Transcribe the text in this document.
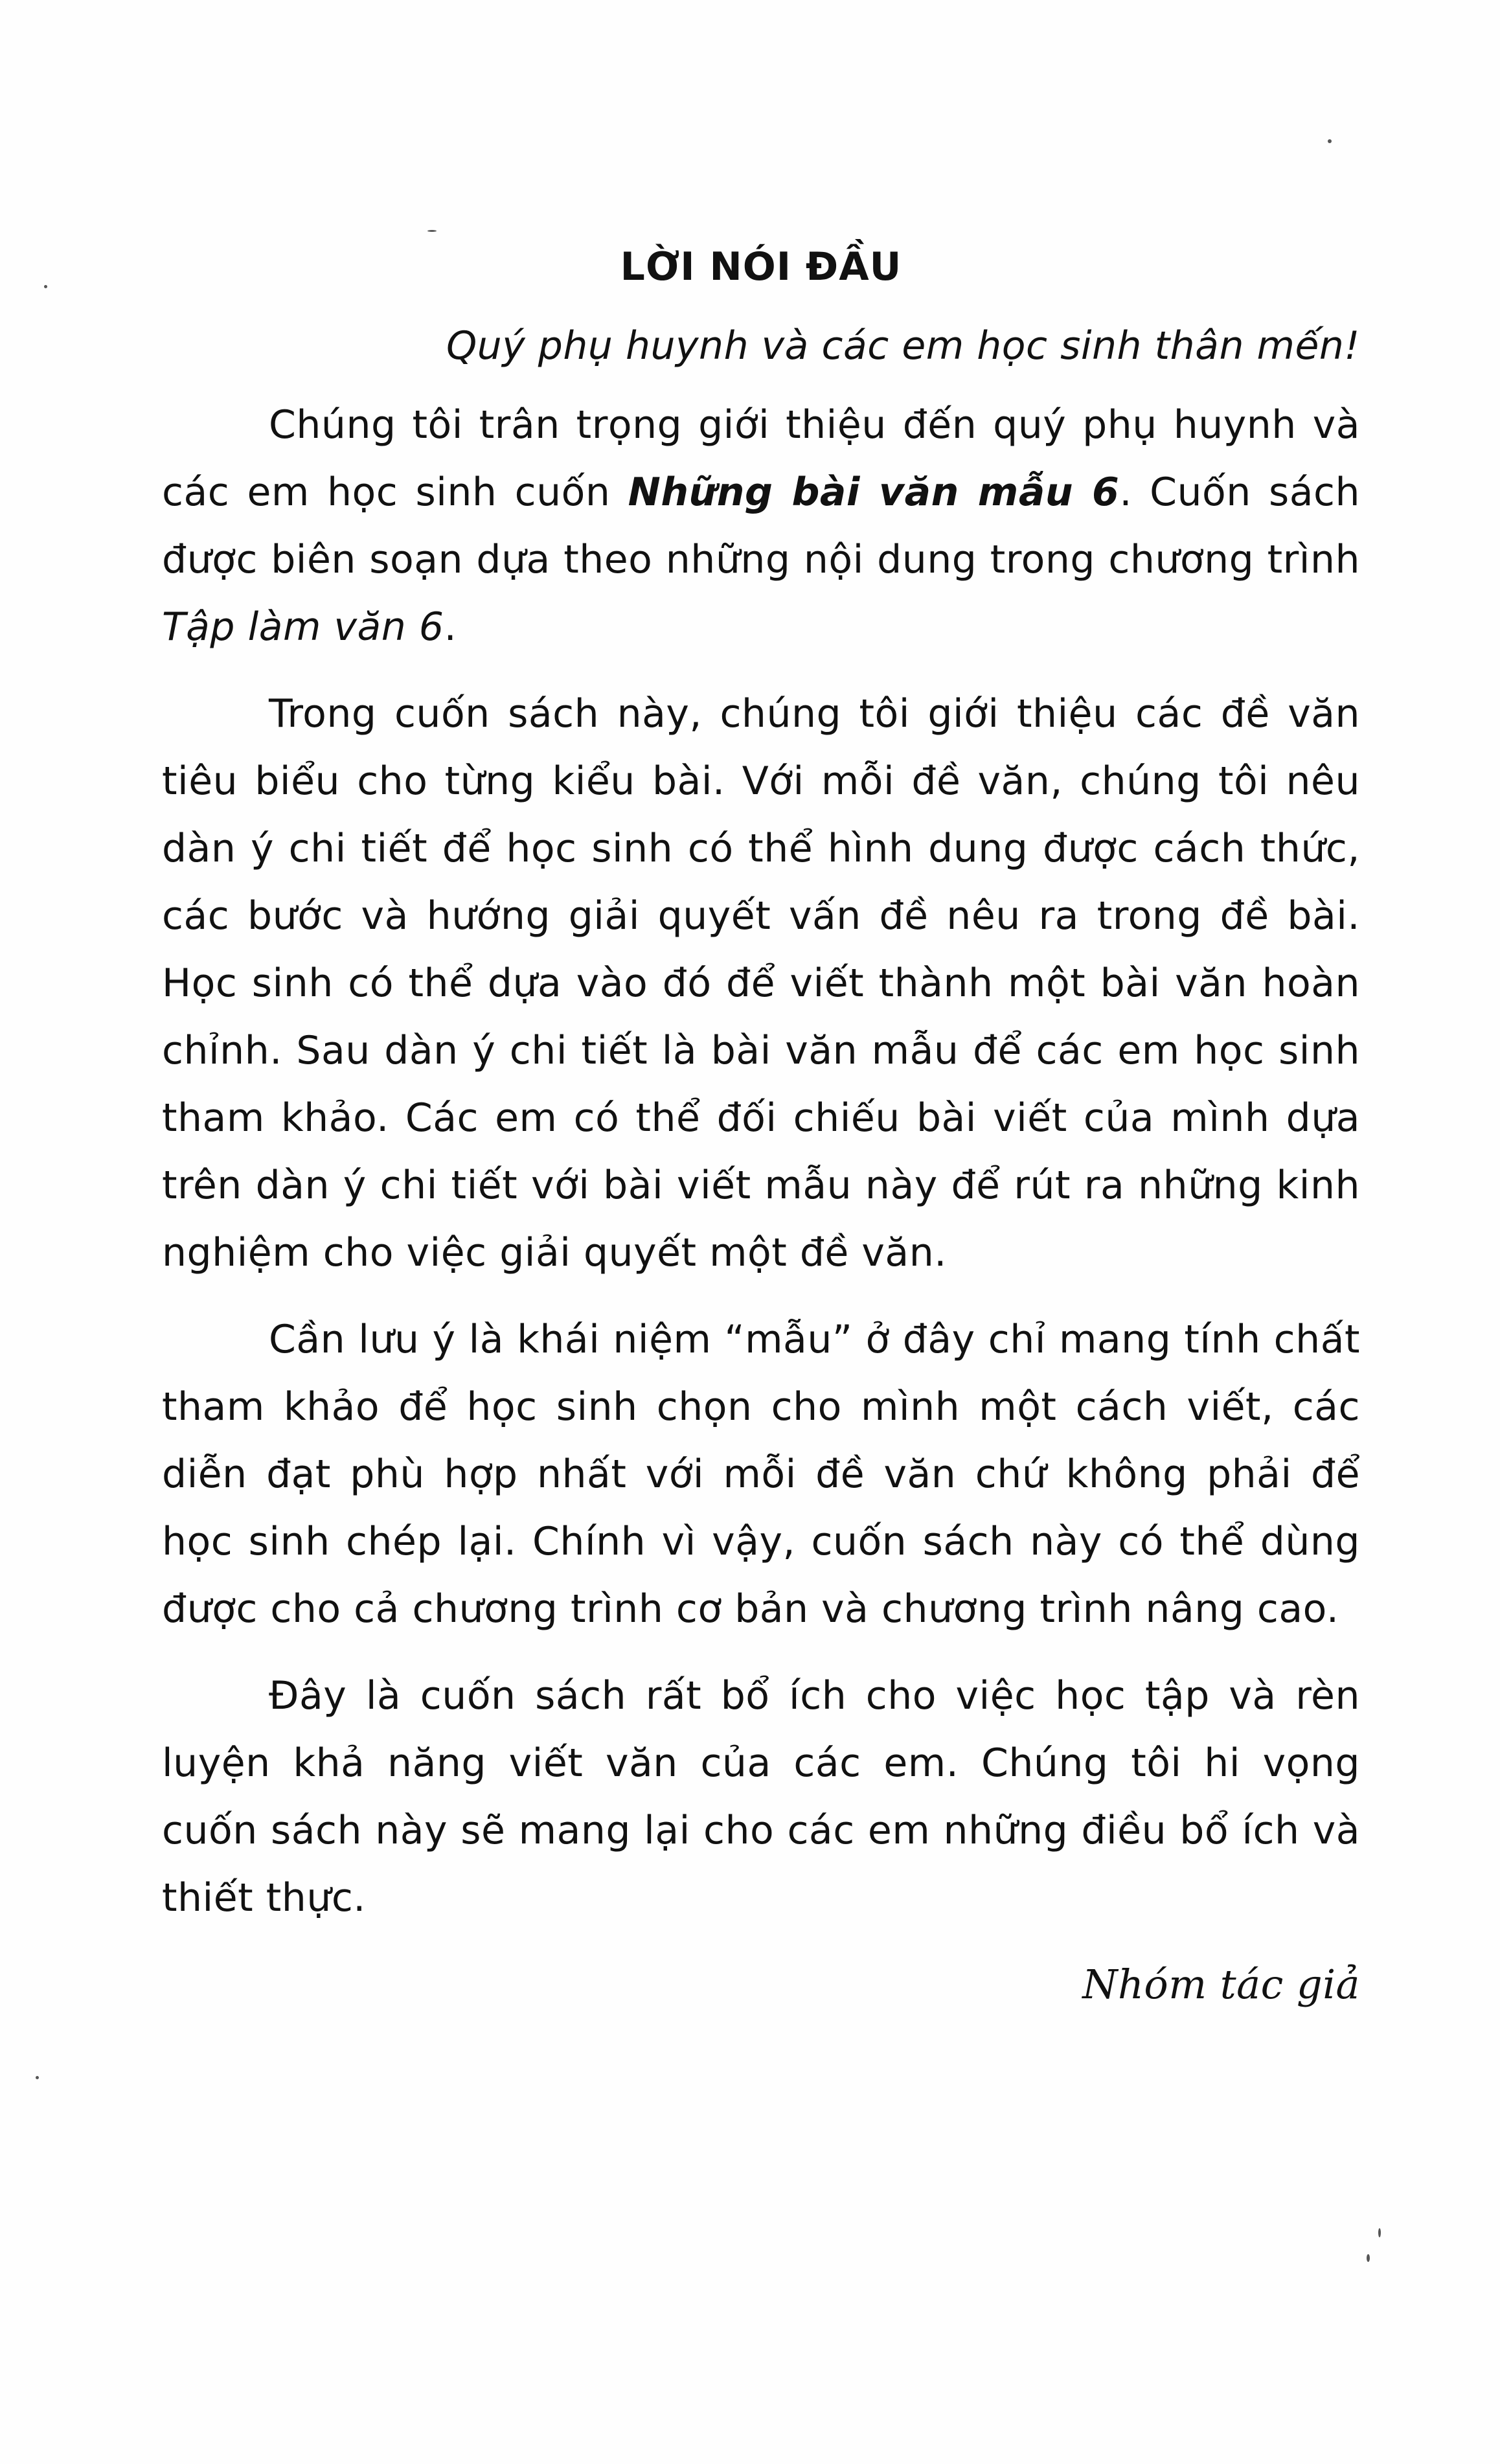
LỜI NÓI ĐẦU
Quý phụ huynh và các em học sinh thân mến!

Chúng tôi trân trọng giới thiệu đến quý phụ huynh và các em học sinh cuốn Những bài văn mẫu 6. Cuốn sách được biên soạn dựa theo những nội dung trong chương trình Tập làm văn 6.

Trong cuốn sách này, chúng tôi giới thiệu các đề văn tiêu biểu cho từng kiểu bài. Với mỗi đề văn, chúng tôi nêu dàn ý chi tiết để học sinh có thể hình dung được cách thức, các bước và hướng giải quyết vấn đề nêu ra trong đề bài. Học sinh có thể dựa vào đó để viết thành một bài văn hoàn chỉnh. Sau dàn ý chi tiết là bài văn mẫu để các em học sinh tham khảo. Các em có thể đối chiếu bài viết của mình dựa trên dàn ý chi tiết với bài viết mẫu này để rút ra những kinh nghiệm cho việc giải quyết một đề văn.

Cần lưu ý là khái niệm “mẫu” ở đây chỉ mang tính chất tham khảo để học sinh chọn cho mình một cách viết, các diễn đạt phù hợp nhất với mỗi đề văn chứ không phải để học sinh chép lại. Chính vì vậy, cuốn sách này có thể dùng được cho cả chương trình cơ bản và chương trình nâng cao.

Đây là cuốn sách rất bổ ích cho việc học tập và rèn luyện khả năng viết văn của các em. Chúng tôi hi vọng cuốn sách này sẽ mang lại cho các em những điều bổ ích và thiết thực.

Nhóm tác giả
